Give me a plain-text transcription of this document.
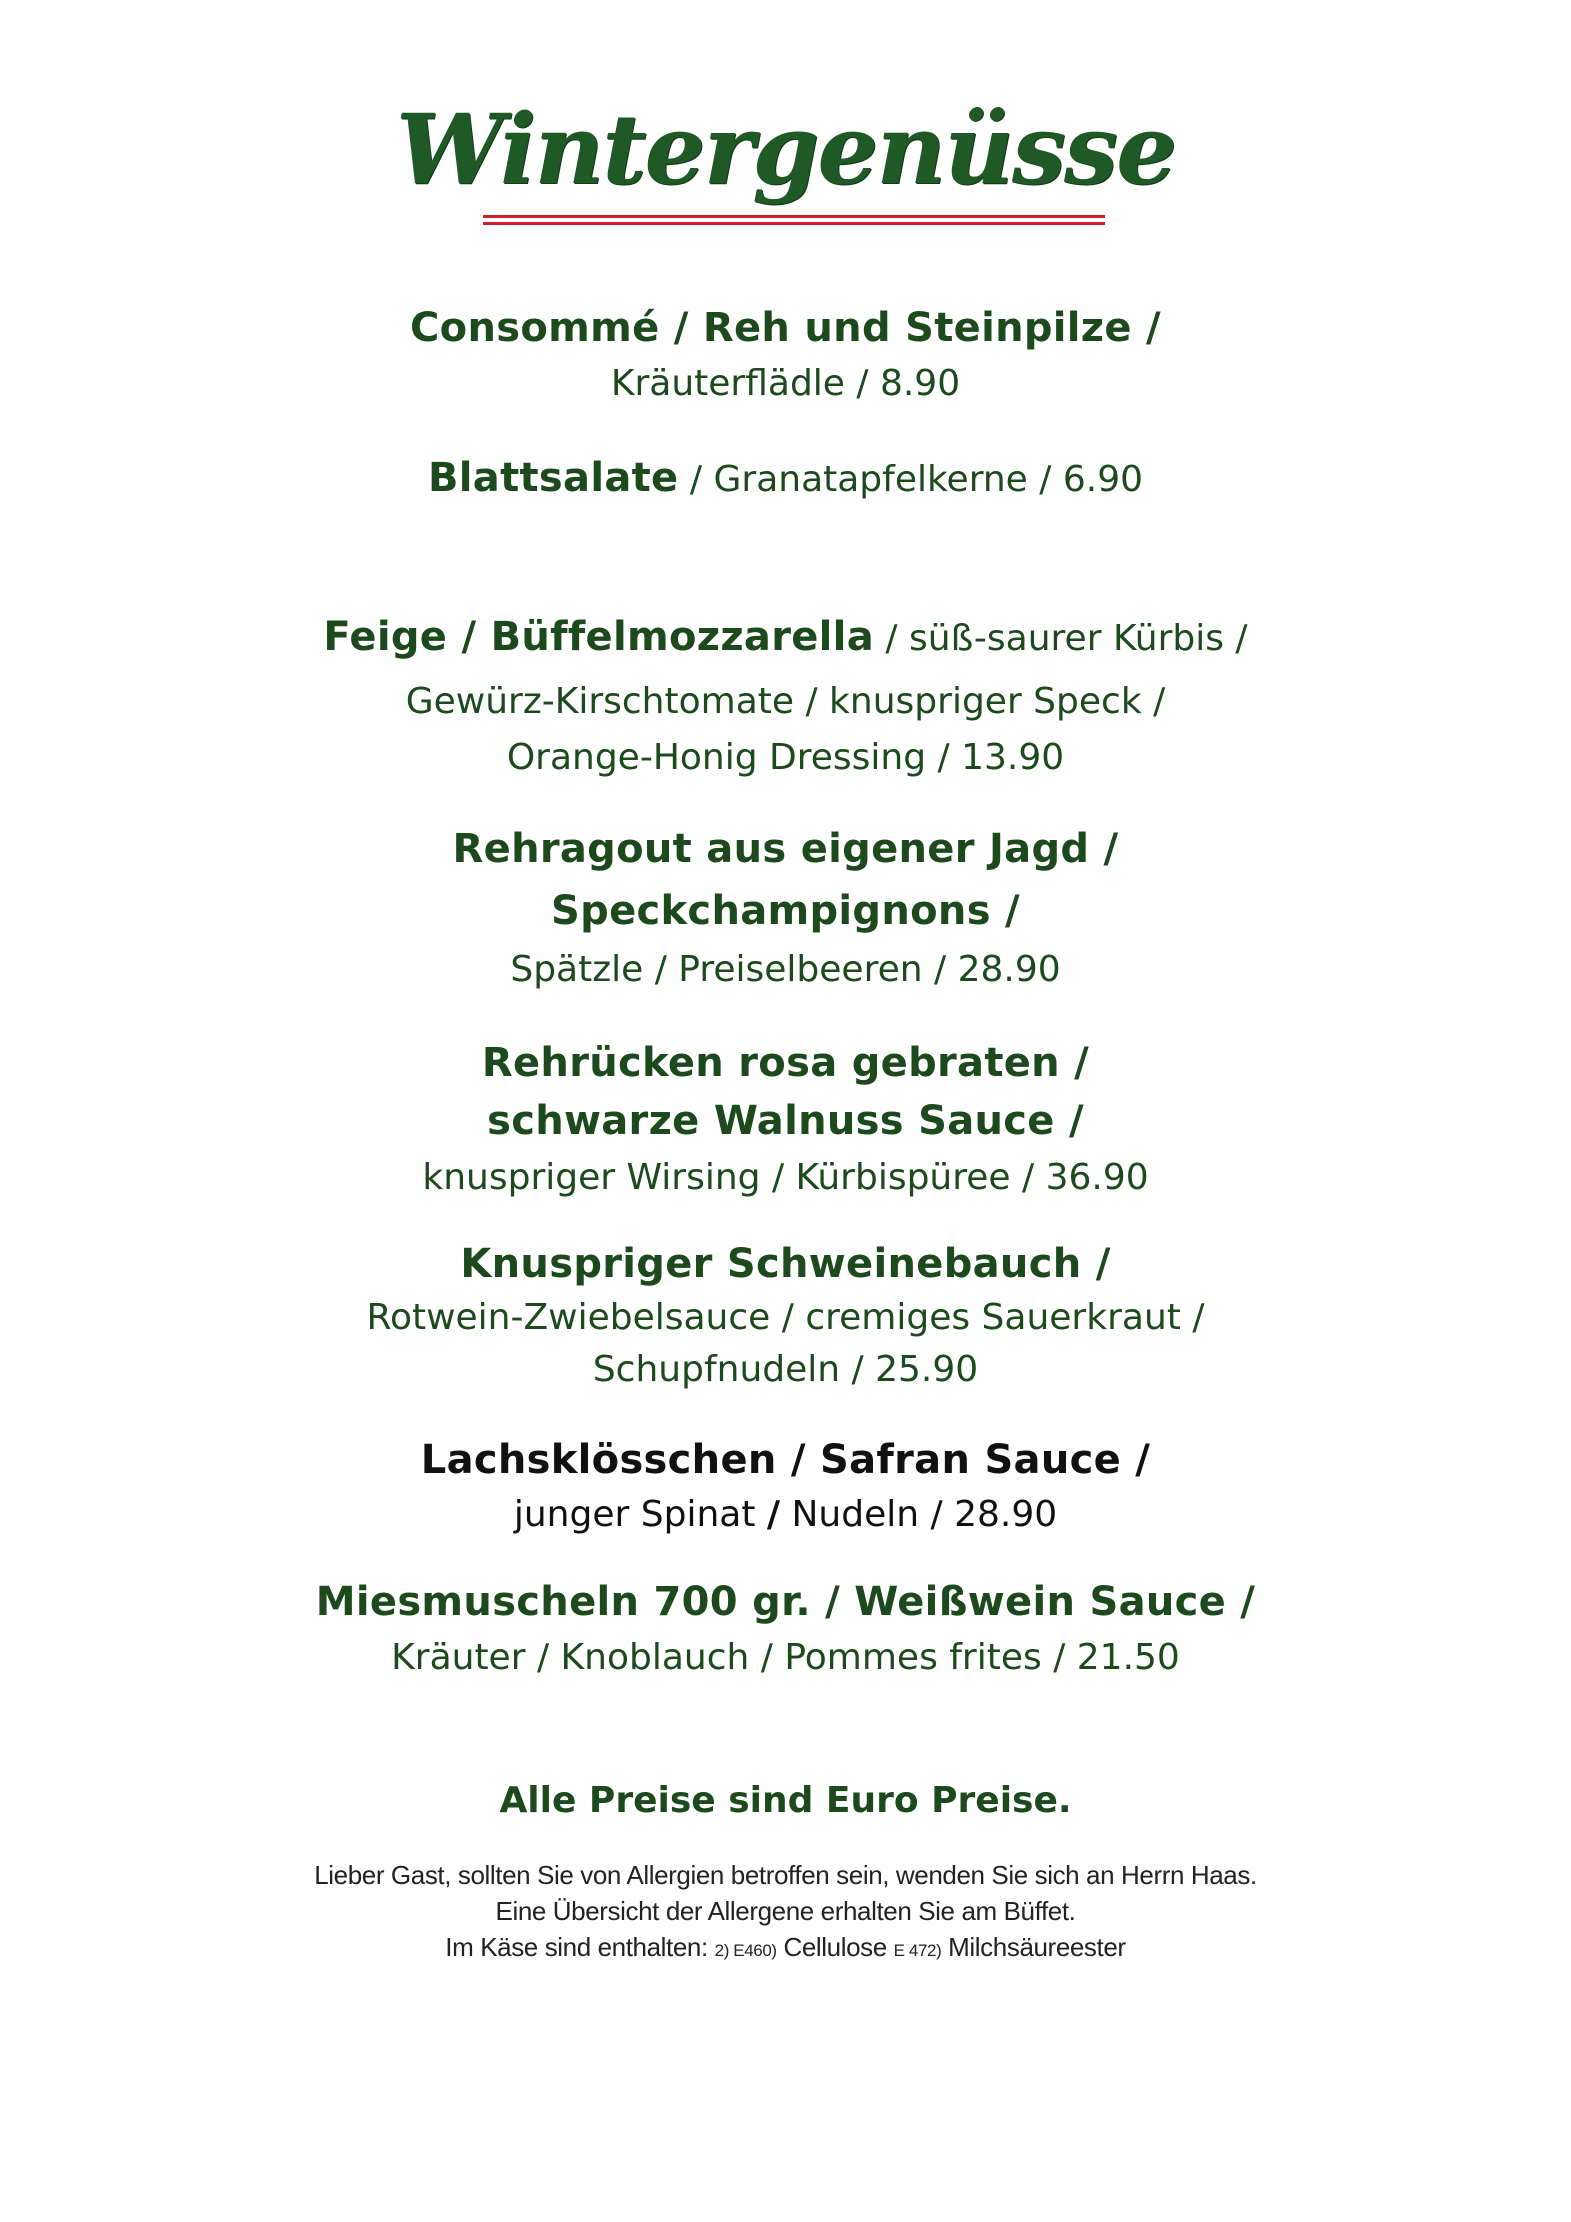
Wintergenüsse
Consommé / Reh und Steinpilze /
Kräuterflädle / 8.90
Blattsalate / Granatapfelkerne / 6.90
Feige / Büffelmozzarella / süß-saurer Kürbis /
Gewürz-Kirschtomate / knuspriger Speck /
Orange-Honig Dressing / 13.90
Rehragout aus eigener Jagd /
Speckchampignons /
Spätzle / Preiselbeeren / 28.90
Rehrücken rosa gebraten /
schwarze Walnuss Sauce /
knuspriger Wirsing / Kürbispüree / 36.90
Knuspriger Schweinebauch /
Rotwein-Zwiebelsauce / cremiges Sauerkraut /
Schupfnudeln / 25.90
Lachsklösschen / Safran Sauce /
junger Spinat / Nudeln / 28.90
Miesmuscheln 700 gr. / Weißwein Sauce /
Kräuter / Knoblauch / Pommes frites / 21.50
Alle Preise sind Euro Preise.
Lieber Gast, sollten Sie von Allergien betroffen sein, wenden Sie sich an Herrn Haas.
Eine Übersicht der Allergene erhalten Sie am Büffet.
Im Käse sind enthalten: 2) E460) Cellulose E 472) Milchsäureester
